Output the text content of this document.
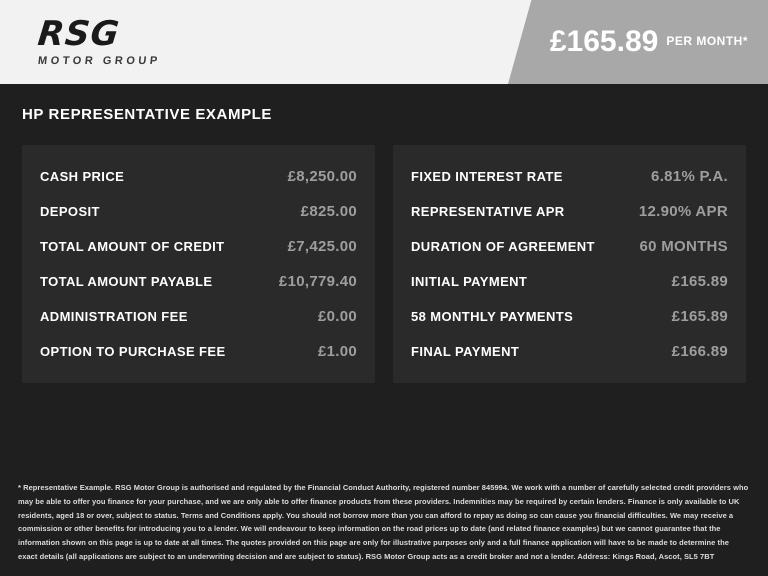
RSG
MOTOR GROUP
£165.89 PER MONTH*
HP REPRESENTATIVE EXAMPLE
CASH PRICE	£8,250.00
DEPOSIT	£825.00
TOTAL AMOUNT OF CREDIT	£7,425.00
TOTAL AMOUNT PAYABLE	£10,779.40
ADMINISTRATION FEE	£0.00
OPTION TO PURCHASE FEE	£1.00
FIXED INTEREST RATE	6.81% P.A.
REPRESENTATIVE APR	12.90% APR
DURATION OF AGREEMENT	60 MONTHS
INITIAL PAYMENT	£165.89
58 MONTHLY PAYMENTS	£165.89
FINAL PAYMENT	£166.89
* Representative Example. RSG Motor Group is authorised and regulated by the Financial Conduct Authority, registered number 845994. We work with a number of carefully selected credit providers who may be able to offer you finance for your purchase, and we are only able to offer finance products from these providers. Indemnities may be required by certain lenders. Finance is only available to UK residents, aged 18 or over, subject to status. Terms and Conditions apply. You should not borrow more than you can afford to repay as doing so can cause you financial difficulties. We may receive a commission or other benefits for introducing you to a lender. We will endeavour to keep information on the road prices up to date (and related finance examples) but we cannot guarantee that the information shown on this page is up to date at all times. The quotes provided on this page are only for illustrative purposes only and a full finance application will have to be made to determine the exact details (all applications are subject to an underwriting decision and are subject to status). RSG Motor Group acts as a credit broker and not a lender. Address: Kings Road, Ascot, SL5 7BT
